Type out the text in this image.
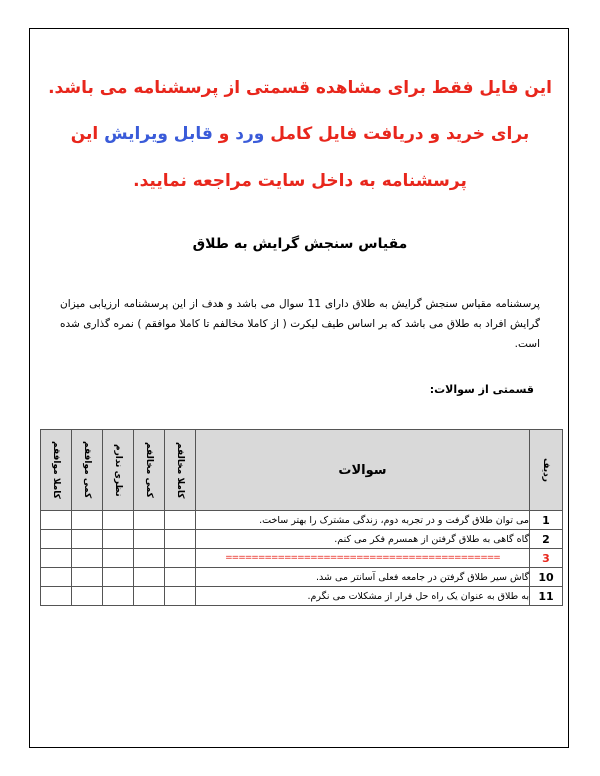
این فایل فقط برای مشاهده قسمتی از پرسشنامه می باشد.
برای خرید و دریافت فایل کامل ورد و قابل ویرایش این
پرسشنامه به داخل سایت مراجعه نمایید.
مقیاس سنجش گرایش به طلاق
پرسشنامه مقیاس سنجش گرایش به طلاق دارای 11 سوال می باشد و هدف از این پرسشنامه ارزیابی میزان گرایش افراد به طلاق می باشد که بر اساس طیف لیکرت ( از کاملا مخالفم تا کاملا موافقم ) نمره گذاری شده است.
قسمتی از سوالات:
کاملا موافقم	کمی موافقم	نظری ندارم	کمی مخالفم	کاملا مخالفم	سوالات	ردیف

					می توان طلاق گرفت و در تجربه دوم، زندگی مشترک را بهتر ساخت.	1
					گاه گاهی به طلاق گرفتن از همسرم فکر می کنم.	2
					==========================================	3
					گاش سیر طلاق گرفتن در جامعه فعلی آسانتر می شد.	10
					به طلاق به عنوان یک راه حل فرار از مشکلات می نگرم.	11
